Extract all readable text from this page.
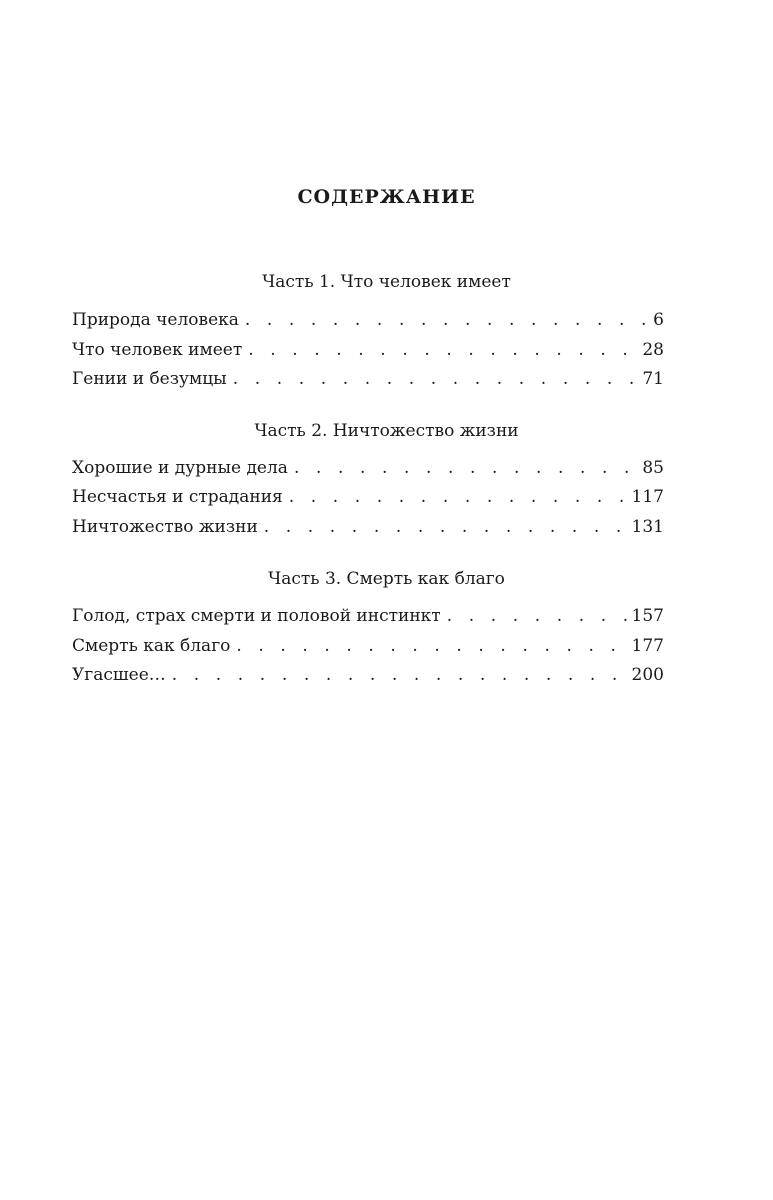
СОДЕРЖАНИЕ
Часть 1. Что человек имеет
Природа человека . . .	6
Что человек имеет . . .	28
Гении и безумцы . . .	71
Часть 2. Ничтожество жизни
Хорошие и дурные дела . . .	85
Несчастья и страдания . . .	117
Ничтожество жизни . . .	131
Часть 3. Смерть как благо
Голод, страх смерти и половой инстинкт . . .	157
Смерть как благо . . .	177
Угасшее… . . .	200
